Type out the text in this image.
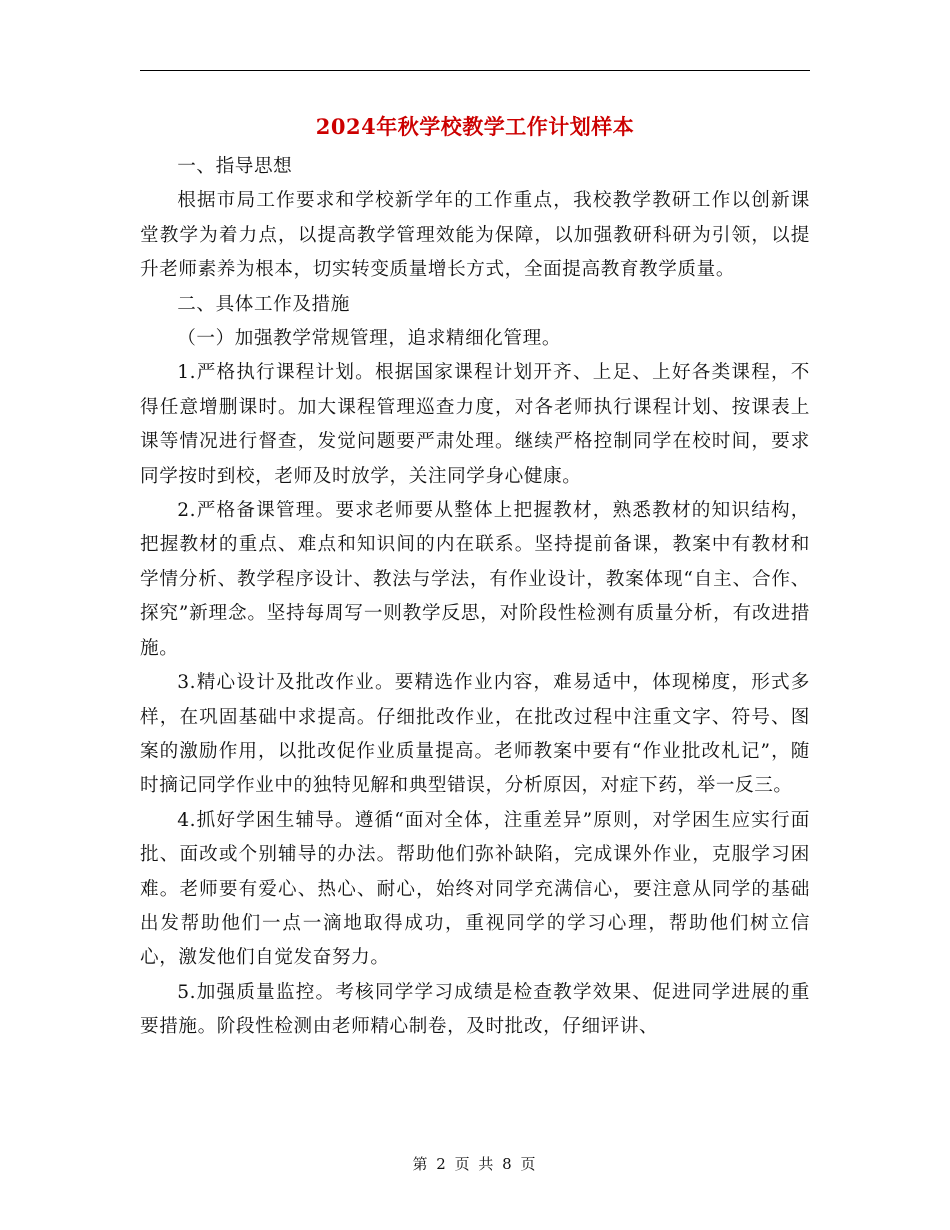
2024年秋学校教学工作计划样本

一、指导思想

根据市局工作要求和学校新学年的工作重点，我校教学教研工作以创新课堂教学为着力点，以提高教学管理效能为保障，以加强教研科研为引领，以提升老师素养为根本，切实转变质量增长方式，全面提高教育教学质量。

二、具体工作及措施

（一）加强教学常规管理，追求精细化管理。

1.严格执行课程计划。根据国家课程计划开齐、上足、上好各类课程，不得任意增删课时。加大课程管理巡查力度，对各老师执行课程计划、按课表上课等情况进行督查，发觉问题要严肃处理。继续严格控制同学在校时间，要求同学按时到校，老师及时放学，关注同学身心健康。

2.严格备课管理。要求老师要从整体上把握教材，熟悉教材的知识结构，把握教材的重点、难点和知识间的内在联系。坚持提前备课，教案中有教材和学情分析、教学程序设计、教法与学法，有作业设计，教案体现“自主、合作、探究”新理念。坚持每周写一则教学反思，对阶段性检测有质量分析，有改进措施。

3.精心设计及批改作业。要精选作业内容，难易适中，体现梯度，形式多样，在巩固基础中求提高。仔细批改作业，在批改过程中注重文字、符号、图案的激励作用，以批改促作业质量提高。老师教案中要有“作业批改札记”，随时摘记同学作业中的独特见解和典型错误，分析原因，对症下药，举一反三。

4.抓好学困生辅导。遵循“面对全体，注重差异”原则，对学困生应实行面批、面改或个别辅导的办法。帮助他们弥补缺陷，完成课外作业，克服学习困难。老师要有爱心、热心、耐心，始终对同学充满信心，要注意从同学的基础出发帮助他们一点一滴地取得成功，重视同学的学习心理，帮助他们树立信心，激发他们自觉发奋努力。

5.加强质量监控。考核同学学习成绩是检查教学效果、促进同学进展的重要措施。阶段性检测由老师精心制卷，及时批改，仔细评讲、

第 2 页 共 8 页
